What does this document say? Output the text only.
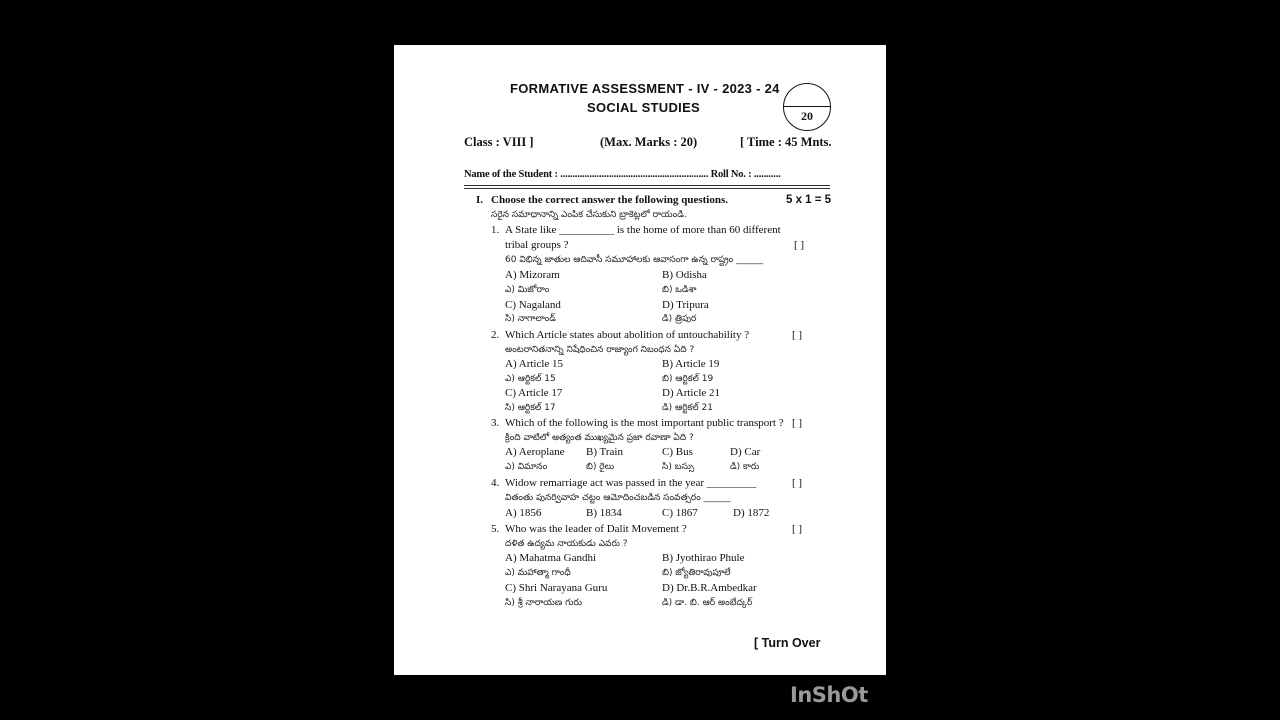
FORMATIVE ASSESSMENT - IV - 2023 - 24
SOCIAL STUDIES
20
Class : VIII ]	(Max. Marks : 20)	[ Time : 45 Mnts.
Name of the Student : ............................................................. Roll No. : ...........
I. Choose the correct answer the following questions.	5 x 1 = 5
సరైన సమాధానాన్ని ఎంపిక చేసుకుని బ్రాకెట్లలో రాయండి.
1. A State like __________ is the home of more than 60 different
tribal groups ?	[ ]
60 విభిన్న జాతుల ఆదివాసీ సమూహాలకు ఆవాసంగా ఉన్న రాష్ట్రం ______
A) Mizoram	B) Odisha
ఎ) మిజోరాం	బి) ఒడిశా
C) Nagaland	D) Tripura
సి) నాగాలాండ్	డి) త్రిపుర
2. Which Article states about abolition of untouchability ?	[ ]
అంటరానితనాన్ని నిషేధించిన రాజ్యాంగ నిబంధన ఏది ?
A) Article 15	B) Article 19
ఎ) ఆర్టికల్ 15	బి) ఆర్టికల్ 19
C) Article 17	D) Article 21
సి) ఆర్టికల్ 17	డి) ఆర్టికల్ 21
3. Which of the following is the most important public transport ? [ ]
క్రింది వాటిలో అత్యంత ముఖ్యమైన ప్రజా రవాణా ఏది ?
A) Aeroplane B) Train	C) Bus	D) Car
ఎ) విమానం	బి) రైలు	సి) బస్సు	డి) కారు
4. Widow remarriage act was passed in the year _________	[ ]
వితంతు పునర్వివాహ చట్టం ఆమోదించబడిన సంవత్సరం ______
A) 1856	B) 1834	C) 1867	D) 1872
5. Who was the leader of Dalit Movement ?	[ ]
దళిత ఉద్యమ నాయకుడు ఎవరు ?
A) Mahatma Gandhi	B) Jyothirao Phule
ఎ) మహాత్మా గాంధీ	బి) జ్యోతిరావుపూలే
C) Shri Narayana Guru	D) Dr.B.R.Ambedkar
సి) శ్రీ నారాయణ గురు	డి) డా. బి. ఆర్ అంబేద్కర్
[ Turn Over
InShOt
